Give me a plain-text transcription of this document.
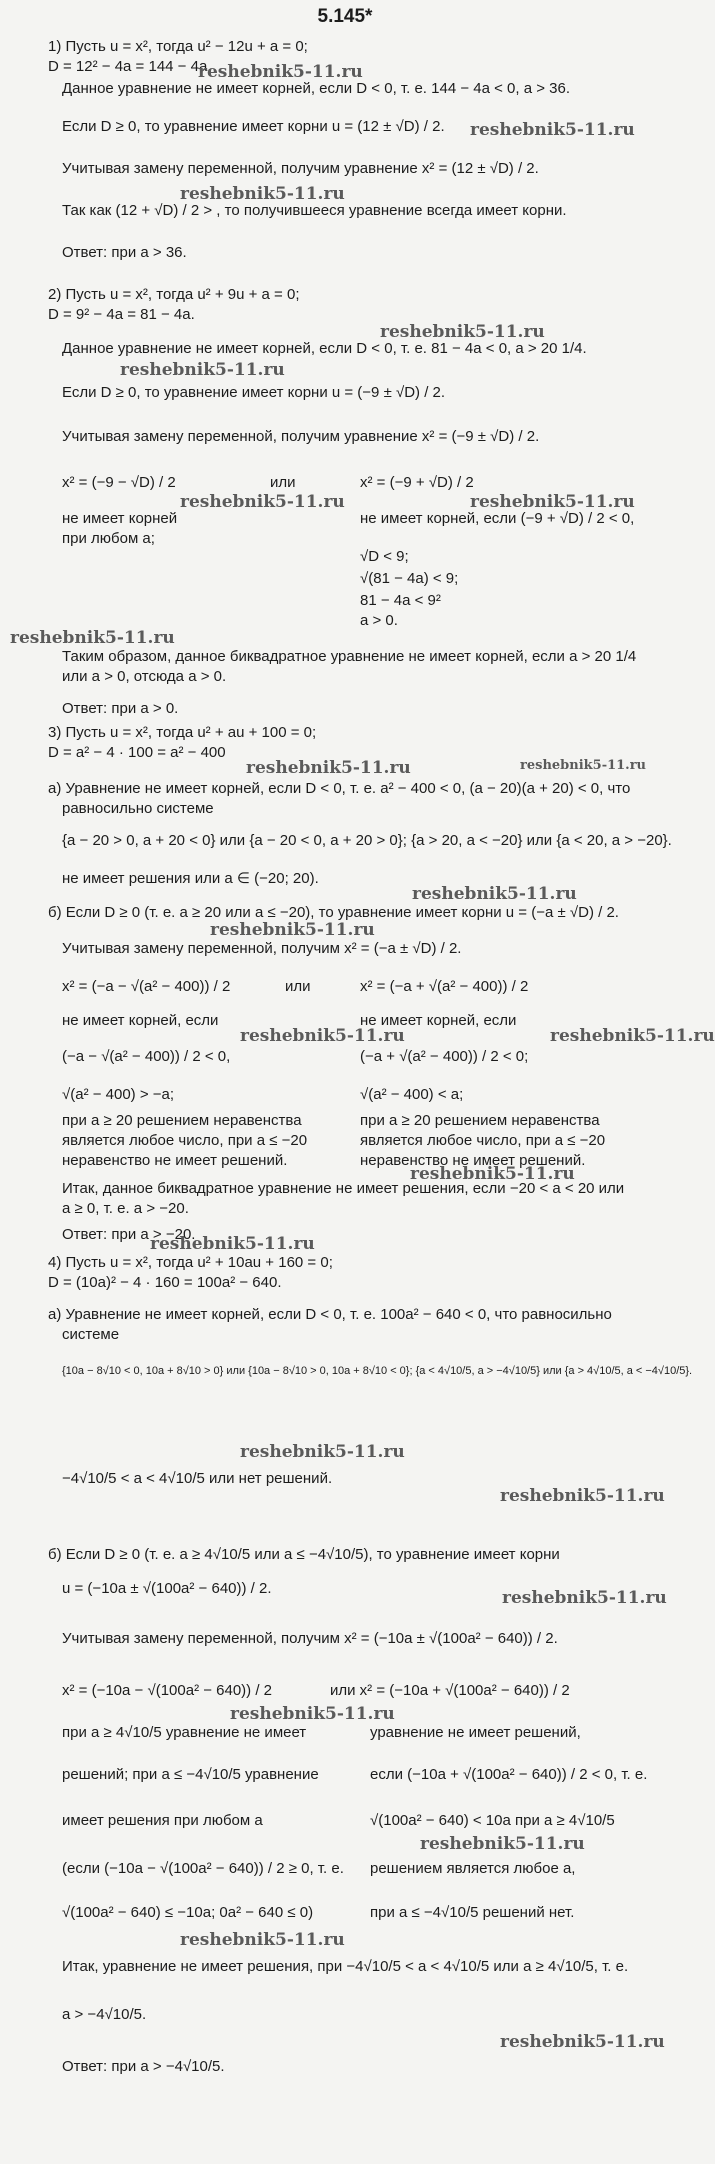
5.145*
1) Пусть u = x², тогда u² − 12u + a = 0;
D = 12² − 4a = 144 − 4a.
Данное уравнение не имеет корней, если D < 0, т. е. 144 − 4a < 0, a > 36.
Если D ≥ 0, то уравнение имеет корни u = (12 ± √D) / 2.
Учитывая замену переменной, получим уравнение x² = (12 ± √D) / 2.
Так как (12 + √D) / 2 > , то получившееся уравнение всегда имеет корни.
Ответ: при a > 36.
2) Пусть u = x², тогда u² + 9u + a = 0;
D = 9² − 4a = 81 − 4a.
Данное уравнение не имеет корней, если D < 0, т. е. 81 − 4a < 0, a > 20 1/4.
Если D ≥ 0, то уравнение имеет корни u = (−9 ± √D) / 2.
Учитывая замену переменной, получим уравнение x² = (−9 ± √D) / 2.
x² = (−9 − √D) / 2	или	x² = (−9 + √D) / 2
не имеет корней	не имеет корней, если (−9 + √D) / 2 < 0,
при любом a;
√D < 9;
√(81 − 4a) < 9;
81 − 4a < 9²
a > 0.
Таким образом, данное биквадратное уравнение не имеет корней, если a > 20 1/4
или a > 0, отсюда a > 0.
Ответ: при a > 0.
3) Пусть u = x², тогда u² + au + 100 = 0;
D = a² − 4 · 100 = a² − 400
а) Уравнение не имеет корней, если D < 0, т. е. a² − 400 < 0, (a − 20)(a + 20) < 0, что
равносильно системе
{a − 20 > 0, a + 20 < 0} или {a − 20 < 0, a + 20 > 0}; {a > 20, a < −20} или {a < 20, a > −20}.
не имеет решения или a ∈ (−20; 20).
б) Если D ≥ 0 (т. е. a ≥ 20 или a ≤ −20), то уравнение имеет корни u = (−a ± √D) / 2.
Учитывая замену переменной, получим x² = (−a ± √D) / 2.
x² = (−a − √(a² − 400)) / 2	или	x² = (−a + √(a² − 400)) / 2
не имеет корней, если	не имеет корней, если
(−a − √(a² − 400)) / 2 < 0,	(−a + √(a² − 400)) / 2 < 0;
√(a² − 400) > −a;	√(a² − 400) < a;
при a ≥ 20 решением неравенства	при a ≥ 20 решением неравенства
является любое число, при a ≤ −20	является любое число, при a ≤ −20
неравенство не имеет решений.	неравенство не имеет решений.
Итак, данное биквадратное уравнение не имеет решения, если −20 < a < 20 или
a ≥ 0, т. е. a > −20.
Ответ: при a > −20.
4) Пусть u = x², тогда u² + 10au + 160 = 0;
D = (10a)² − 4 · 160 = 100a² − 640.
а) Уравнение не имеет корней, если D < 0, т. е. 100a² − 640 < 0, что равносильно
системе
{10a − 8√10 < 0, 10a + 8√10 > 0} или {10a − 8√10 > 0, 10a + 8√10 < 0}; {a < 4√10/5, a > −4√10/5} или {a > 4√10/5, a < −4√10/5}.
−4√10/5 < a < 4√10/5 или нет решений.
б) Если D ≥ 0 (т. е. a ≥ 4√10/5 или a ≤ −4√10/5), то уравнение имеет корни
u = (−10a ± √(100a² − 640)) / 2.
Учитывая замену переменной, получим x² = (−10a ± √(100a² − 640)) / 2.
x² = (−10a − √(100a² − 640)) / 2	или x² = (−10a + √(100a² − 640)) / 2
при a ≥ 4√10/5 уравнение не имеет	уравнение не имеет решений,
решений; при a ≤ −4√10/5 уравнение	если (−10a + √(100a² − 640)) / 2 < 0, т. е.
имеет решения при любом a	√(100a² − 640) < 10a при a ≥ 4√10/5
(если (−10a − √(100a² − 640)) / 2 ≥ 0, т. е. решением является любое a,
√(100a² − 640) ≤ −10a; 0a² − 640 ≤ 0)	при a ≤ −4√10/5 решений нет.
Итак, уравнение не имеет решения, при −4√10/5 < a < 4√10/5 или a ≥ 4√10/5, т. е.
a > −4√10/5.
Ответ: при a > −4√10/5.
reshebnik5-11.ru
reshebnik5-11.ru
reshebnik5-11.ru
reshebnik5-11.ru
reshebnik5-11.ru
reshebnik5-11.ru
reshebnik5-11.ru
reshebnik5-11.ru
reshebnik5-11.ru	reshebnik5-11.ru
reshebnik5-11.ru
reshebnik5-11.ru
reshebnik5-11.ru	reshebnik5-11.ru
reshebnik5-11.ru
reshebnik5-11.ru
reshebnik5-11.ru
reshebnik5-11.ru
reshebnik5-11.ru
reshebnik5-11.ru
reshebnik5-11.ru
reshebnik5-11.ru
reshebnik5-11.ru
